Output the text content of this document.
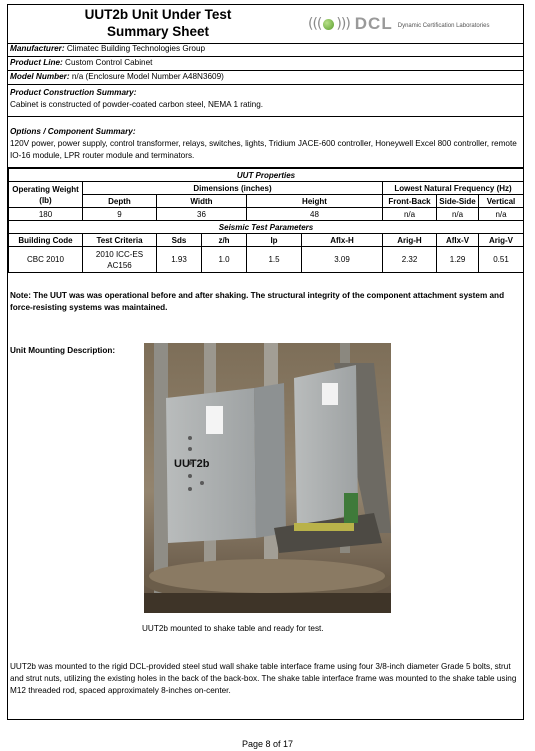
UUT2b Unit Under Test
Summary Sheet	((( ))) DCL Dynamic Certification Laboratories
Manufacturer: Climatec Building Technologies Group
Product Line: Custom Control Cabinet
Model Number: n/a (Enclosure Model Number A48N3609)
Product Construction Summary:
Cabinet is constructed of powder-coated carbon steel, NEMA 1 rating.
Options / Component Summary:
120V power, power supply, control transformer, relays, switches, lights, Tridium JACE-600 controller, Honeywell Excel 800 controller, remote IO-16 module, LPR router module and terminators.
UUT Properties								
Operating Weight (lb)	Dimensions (inches)					Lowest Natural Frequency (Hz)		
	Depth	Width		Height		Front-Back	Side-Side	Vertical
180	9	36		48		n/a	n/a	n/a
Seismic Test Parameters								
Building Code	Test Criteria	Sds	z/h	Ip	Aflx-H	Arig-H	Aflx-V	Arig-V
CBC 2010	2010 ICC-ES AC156	1.93	1.0	1.5	3.09	2.32	1.29	0.51
Note: The UUT was was operational before and after shaking. The structural integrity of the component attachment system and force-resisting systems was maintained.
Unit Mounting Description:
UUT2b
UUT2b mounted to shake table and ready for test.
UUT2b was mounted to the rigid DCL-provided steel stud wall shake table interface frame using four 3/8-inch diameter Grade 5 bolts, strut and strut nuts, utilizing the existing holes in the back of the back-box. The shake table interface frame was mounted to the shake table using M12 threaded rod, spaced approximately 8-inches on-center.
Page 8 of 17
